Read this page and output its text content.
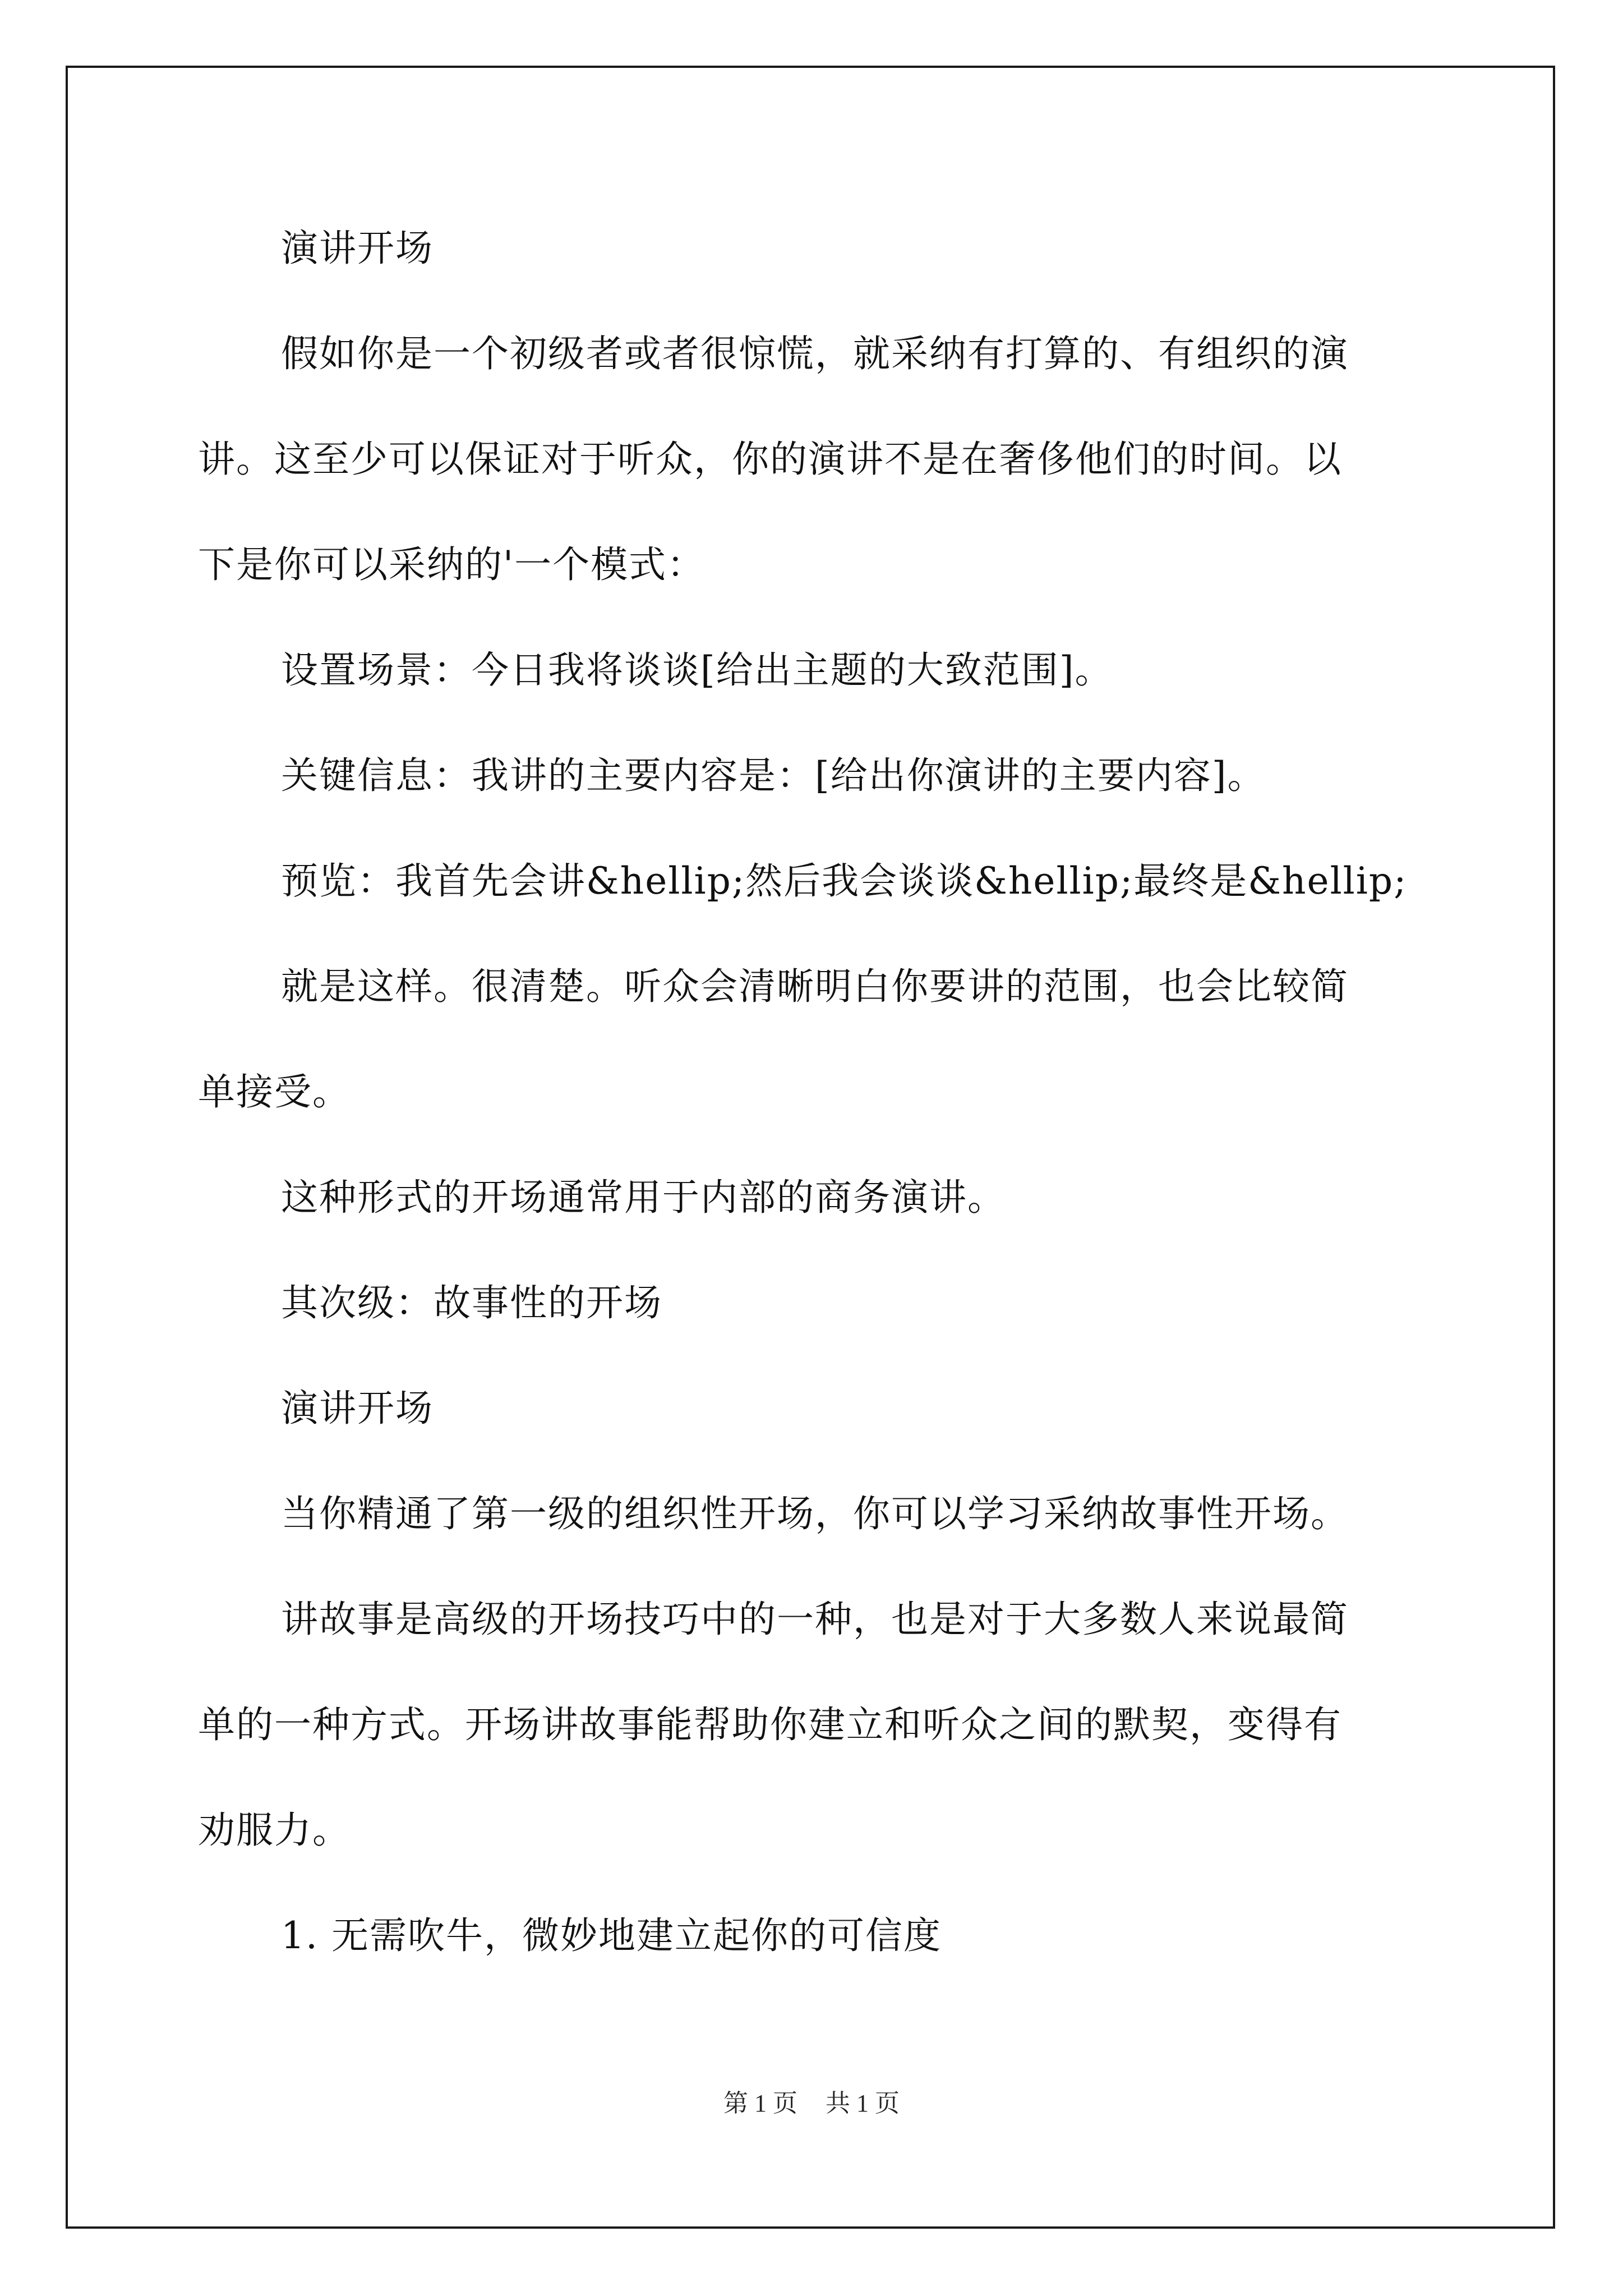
演讲开场

假如你是一个初级者或者很惊慌，就采纳有打算的、有组织的演

讲。这至少可以保证对于听众，你的演讲不是在奢侈他们的时间。以

下是你可以采纳的'一个模式：

设置场景：今日我将谈谈[给出主题的大致范围]。

关键信息：我讲的主要内容是：[给出你演讲的主要内容]。

预览：我首先会讲&hellip;然后我会谈谈&hellip;最终是&hellip;

就是这样。很清楚。听众会清晰明白你要讲的范围，也会比较简

单接受。

这种形式的开场通常用于内部的商务演讲。

其次级：故事性的开场

演讲开场

当你精通了第一级的组织性开场，你可以学习采纳故事性开场。

讲故事是高级的开场技巧中的一种，也是对于大多数人来说最简

单的一种方式。开场讲故事能帮助你建立和听众之间的默契，变得有

劝服力。

1. 无需吹牛，微妙地建立起你的可信度

第 1 页 共 1 页
